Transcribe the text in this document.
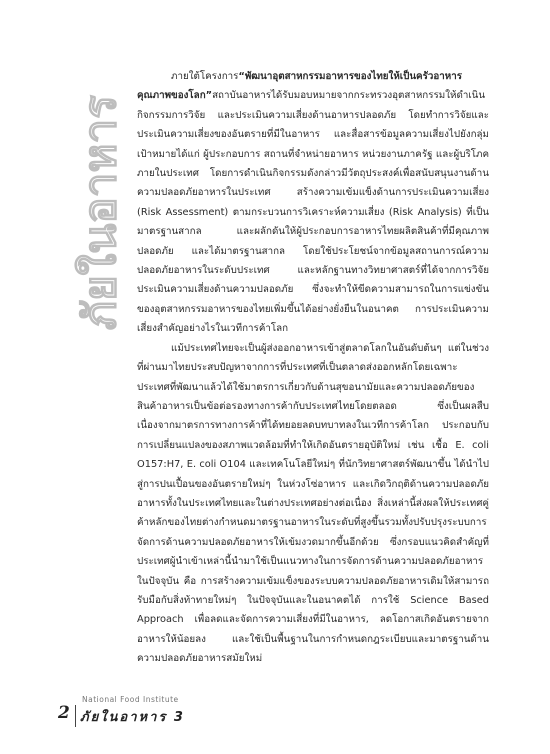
ภัยในอาหาร
ภายใต้โครงการ“พัฒนาอุตสาหกรรมอาหารของไทยให้เป็นครัวอาหารคุณภาพของโลก”สถาบันอาหารได้รับมอบหมายจากกระทรวงอุตสาหกรรมให้ดำเนินกิจกรรมการวิจัย และประเมินความเสี่ยงด้านอาหารปลอดภัย โดยทำการวิจัยและประเมินความเสี่ยงของอันตรายที่มีในอาหาร และสื่อสารข้อมูลความเสี่ยงไปยังกลุ่มเป้าหมายได้แก่ ผู้ประกอบการ สถานที่จำหน่ายอาหาร หน่วยงานภาครัฐ และผู้บริโภคภายในประเทศ โดยการดำเนินกิจกรรมดังกล่าวมีวัตถุประสงค์เพื่อสนับสนุนงานด้านความปลอดภัยอาหารในประเทศ สร้างความเข้มแข็งด้านการประเมินความเสี่ยง (Risk Assessment) ตามกระบวนการวิเคราะห์ความเสี่ยง (Risk Analysis) ที่เป็นมาตรฐานสากล และผลักดันให้ผู้ประกอบการอาหารไทยผลิตสินค้าที่มีคุณภาพ ปลอดภัย และได้มาตรฐานสากล โดยใช้ประโยชน์จากข้อมูลสถานการณ์ความปลอดภัยอาหารในระดับประเทศ และหลักฐานทางวิทยาศาสตร์ที่ได้จากการวิจัยประเมินความเสี่ยงด้านความปลอดภัย ซึ่งจะทำให้ขีดความสามารถในการแข่งขันของอุตสาหกรรมอาหารของไทยเพิ่มขึ้นได้อย่างยั่งยืนในอนาคต การประเมินความเสี่ยงสำคัญอย่างไรในเวทีการค้าโลก
แม้ประเทศไทยจะเป็นผู้ส่งออกอาหารเข้าสู่ตลาดโลกในอันดับต้นๆ แต่ในช่วงที่ผ่านมาไทยประสบปัญหาจากการที่ประเทศที่เป็นตลาดส่งออกหลักโดยเฉพาะประเทศที่พัฒนาแล้วได้ใช้มาตรการเกี่ยวกับด้านสุขอนามัยและความปลอดภัยของสินค้าอาหารเป็นข้อต่อรองทางการค้ากับประเทศไทยโดยตลอด ซึ่งเป็นผลสืบเนื่องจากมาตรการทางการค้าที่ได้ทยอยลดบทบาทลงในเวทีการค้าโลก ประกอบกับการเปลี่ยนแปลงของสภาพแวดล้อมที่ทำให้เกิดอันตรายอุบัติใหม่ เช่น เชื้อ E. coli O157:H7, E. coli O104 และเทคโนโลยีใหม่ๆ ที่นักวิทยาศาสตร์พัฒนาขึ้น ได้นำไปสู่การปนเปื้อนของอันตรายใหม่ๆ ในห่วงโซ่อาหาร และเกิดวิกฤติด้านความปลอดภัยอาหารทั้งในประเทศไทยและในต่างประเทศอย่างต่อเนื่อง สิ่งเหล่านี้ส่งผลให้ประเทศคู่ค้าหลักของไทยต่างกำหนดมาตรฐานอาหารในระดับที่สูงขึ้นรวมทั้งปรับปรุงระบบการจัดการด้านความปลอดภัยอาหารให้เข้มงวดมากขึ้นอีกด้วย ซึ่งกรอบแนวคิดสำคัญที่ประเทศผู้นำเข้าเหล่านี้นำมาใช้เป็นแนวทางในการจัดการด้านความปลอดภัยอาหารในปัจจุบัน คือ การสร้างความเข้มแข็งของระบบความปลอดภัยอาหารเดิมให้สามารถรับมือกับสิ่งท้าทายใหม่ๆ ในปัจจุบันและในอนาคตได้ การใช้ Science Based Approach เพื่อลดและจัดการความเสี่ยงที่มีในอาหาร, ลดโอกาสเกิดอันตรายจากอาหารให้น้อยลง และใช้เป็นพื้นฐานในการกำหนดกฎระเบียบและมาตรฐานด้านความปลอดภัยอาหารสมัยใหม่
National Food Institute
2 ภัยในอาหาร 3
